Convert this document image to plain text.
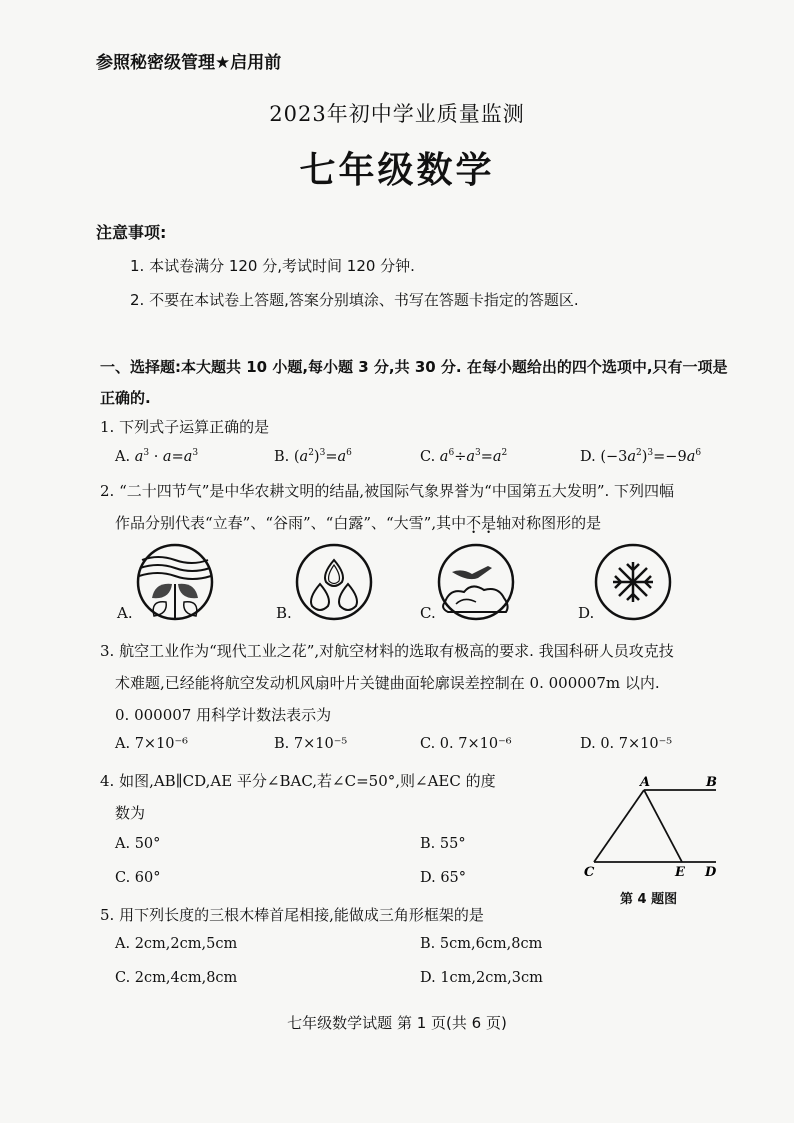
参照秘密级管理★启用前
2023年初中学业质量监测
七年级数学
注意事项:
1. 本试卷满分 120 分,考试时间 120 分钟.
2. 不要在本试卷上答题,答案分别填涂、书写在答题卡指定的答题区.
一、选择题:本大题共 10 小题,每小题 3 分,共 30 分. 在每小题给出的四个选项中,只有一项是正确的.
1. 下列式子运算正确的是
A. $a^3 \cdot a=a^3$	B. $(a^2)^3=a^6$	C. $a^6\div a^3=a^2$	D. $(-3a^2)^3=-9a^6$
2. “二十四节气”是中华农耕文明的结晶,被国际气象界誉为“中国第五大发明”. 下列四幅
作品分别代表“立春”、“谷雨”、“白露”、“大雪”,其中不是轴对称图形的是
A.	B.	C.	D.
3. 航空工业作为“现代工业之花”,对航空材料的选取有极高的要求. 我国科研人员攻克技
术难题,已经能将航空发动机风扇叶片关键曲面轮廓误差控制在 0. 000007m 以内.
0. 000007 用科学计数法表示为
A. 7×10⁻⁶	B. 7×10⁻⁵	C. 0. 7×10⁻⁶	D. 0. 7×10⁻⁵
4. 如图,AB∥CD,AE 平分∠BAC,若∠C=50°,则∠AEC 的度
数为
A. 50°	B. 55°
C. 60°	D. 65°
A	B
C	E D
第 4 题图
5. 用下列长度的三根木棒首尾相接,能做成三角形框架的是
A. 2cm,2cm,5cm	B. 5cm,6cm,8cm
C. 2cm,4cm,8cm	D. 1cm,2cm,3cm
七年级数学试题 第 1 页(共 6 页)
